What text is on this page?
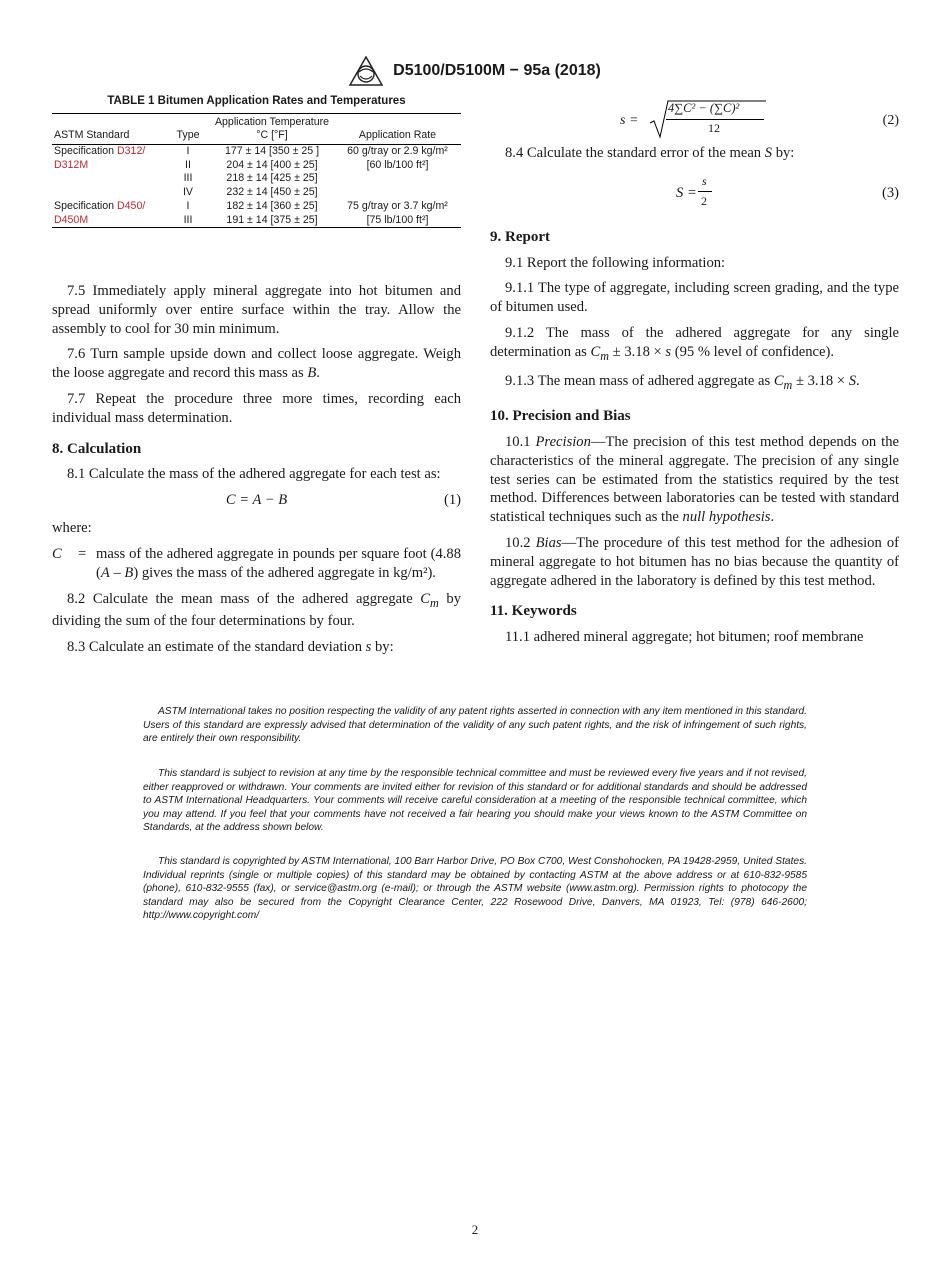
D5100/D5100M − 95a (2018)
TABLE 1 Bitumen Application Rates and Temperatures
ASTM Standard	Type	Application Temperature °C [°F]	Application Rate
Specification D312/	I	177 ± 14 [350 ± 25 ]	60 g/tray or 2.9 kg/m²
D312M	II	204 ± 14 [400 ± 25]	[60 lb/100 ft²]
	III	218 ± 14 [425 ± 25]	
	IV	232 ± 14 [450 ± 25]	
Specification D450/	I	182 ± 14 [360 ± 25]	75 g/tray or 3.7 kg/m²
D450M	III	191 ± 14 [375 ± 25]	[75 lb/100 ft²]

7.5 Immediately apply mineral aggregate into hot bitumen and spread uniformly over entire surface within the tray. Allow the assembly to cool for 30 min minimum.

7.6 Turn sample upside down and collect loose aggregate. Weigh the loose aggregate and record this mass as B.

7.7 Repeat the procedure three more times, recording each individual mass determination.

8. Calculation

8.1 Calculate the mass of the adhered aggregate for each test as:

C = A − B	(1)

where:

C	= mass of the adhered aggregate in pounds per square foot (4.88 (A – B) gives the mass of the adhered aggregate in kg/m²).

8.2 Calculate the mean mass of the adhered aggregate $C_m$ by dividing the sum of the four determinations by four.

8.3 Calculate an estimate of the standard deviation s by:

s =
4∑C² − (∑C)²
12	(2)

8.4 Calculate the standard error of the mean S by:

S =
s
2	(3)
9. Report

9.1 Report the following information:

9.1.1 The type of aggregate, including screen grading, and the type of bitumen used.

9.1.2 The mass of the adhered aggregate for any single determination as $C_m \pm 3.18 \times s$ (95 % level of confidence).

9.1.3 The mean mass of adhered aggregate as $C_m \pm 3.18 \times S$.

10. Precision and Bias

10.1 Precision—The precision of this test method depends on the characteristics of the mineral aggregate. The precision of any single test series can be estimated from the statistics required by the test method. Differences between laboratories can be tested with standard statistical techniques such as the null hypothesis.

10.2 Bias—The procedure of this test method for the adhesion of mineral aggregate to hot bitumen has no bias because the quantity of aggregate adhered in the laboratory is defined by this test method.

11. Keywords

11.1 adhered mineral aggregate; hot bitumen; roof membrane

ASTM International takes no position respecting the validity of any patent rights asserted in connection with any item mentioned in this standard. Users of this standard are expressly advised that determination of the validity of any such patent rights, and the risk of infringement of such rights, are entirely their own responsibility.

This standard is subject to revision at any time by the responsible technical committee and must be reviewed every five years and if not revised, either reapproved or withdrawn. Your comments are invited either for revision of this standard or for additional standards and should be addressed to ASTM International Headquarters. Your comments will receive careful consideration at a meeting of the responsible technical committee, which you may attend. If you feel that your comments have not received a fair hearing you should make your views known to the ASTM Committee on Standards, at the address shown below.

This standard is copyrighted by ASTM International, 100 Barr Harbor Drive, PO Box C700, West Conshohocken, PA 19428-2959, United States. Individual reprints (single or multiple copies) of this standard may be obtained by contacting ASTM at the above address or at 610-832-9585 (phone), 610-832-9555 (fax), or service@astm.org (e-mail); or through the ASTM website (www.astm.org). Permission rights to photocopy the standard may also be secured from the Copyright Clearance Center, 222 Rosewood Drive, Danvers, MA 01923, Tel: (978) 646-2600; http://www.copyright.com/

2
